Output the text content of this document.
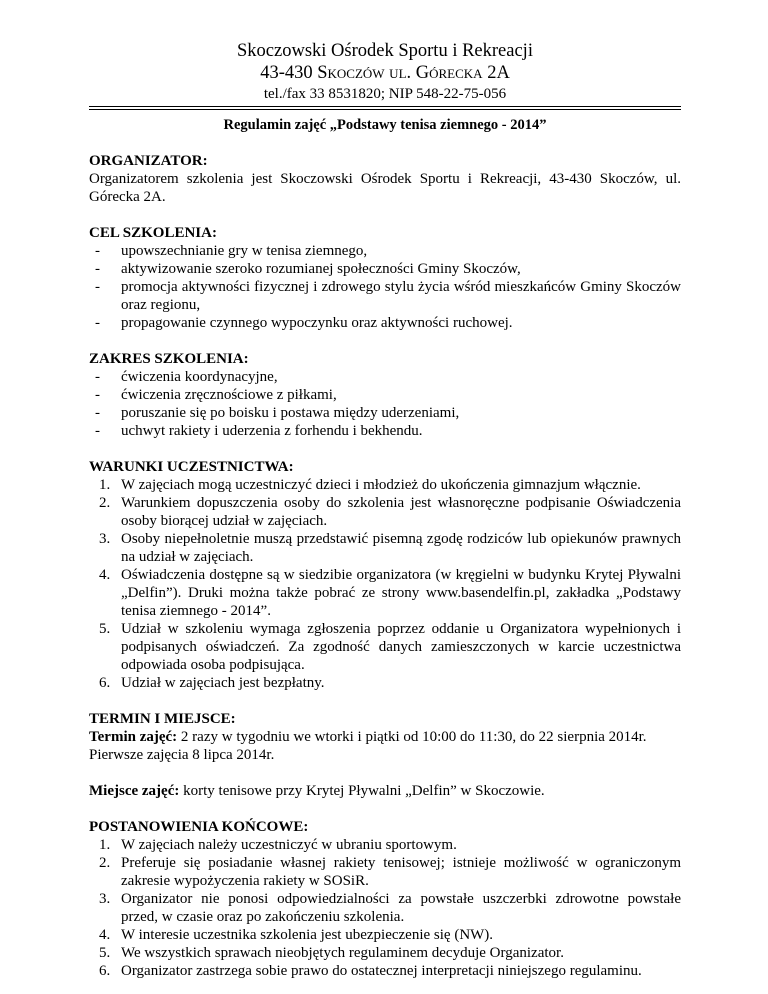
Skoczowski Ośrodek Sportu i Rekreacji
43-430 Skoczów ul. Górecka 2A
tel./fax 33 8531820; NIP 548-22-75-056
Regulamin zajęć „Podstawy tenisa ziemnego - 2014”
ORGANIZATOR:
Organizatorem szkolenia jest Skoczowski Ośrodek Sportu i Rekreacji, 43-430 Skoczów, ul. Górecka 2A.
CEL SZKOLENIA:
- upowszechnianie gry w tenisa ziemnego,
- aktywizowanie szeroko rozumianej społeczności Gminy Skoczów,
- promocja aktywności fizycznej i zdrowego stylu życia wśród mieszkańców Gminy Skoczów oraz regionu,
- propagowanie czynnego wypoczynku oraz aktywności ruchowej.
ZAKRES SZKOLENIA:
- ćwiczenia koordynacyjne,
- ćwiczenia zręcznościowe z piłkami,
- poruszanie się po boisku i postawa między uderzeniami,
- uchwyt rakiety i uderzenia z forhendu i bekhendu.
WARUNKI UCZESTNICTWA:
1. W zajęciach mogą uczestniczyć dzieci i młodzież do ukończenia gimnazjum włącznie.
2. Warunkiem dopuszczenia osoby do szkolenia jest własnoręczne podpisanie Oświadczenia osoby biorącej udział w zajęciach.
3. Osoby niepełnoletnie muszą przedstawić pisemną zgodę rodziców lub opiekunów prawnych na udział w zajęciach.
4. Oświadczenia dostępne są w siedzibie organizatora (w kręgielni w budynku Krytej Pływalni „Delfin”). Druki można także pobrać ze strony www.basendelfin.pl, zakładka „Podstawy tenisa ziemnego - 2014”.
5. Udział w szkoleniu wymaga zgłoszenia poprzez oddanie u Organizatora wypełnionych i podpisanych oświadczeń. Za zgodność danych zamieszczonych w karcie uczestnictwa odpowiada osoba podpisująca.
6. Udział w zajęciach jest bezpłatny.
TERMIN I MIEJSCE:
Termin zajęć: 2 razy w tygodniu we wtorki i piątki od 10:00 do 11:30, do 22 sierpnia 2014r.
Pierwsze zajęcia 8 lipca 2014r.
Miejsce zajęć: korty tenisowe przy Krytej Pływalni „Delfin” w Skoczowie.
POSTANOWIENIA KOŃCOWE:
1. W zajęciach należy uczestniczyć w ubraniu sportowym.
2. Preferuje się posiadanie własnej rakiety tenisowej; istnieje możliwość w ograniczonym zakresie wypożyczenia rakiety w SOSiR.
3. Organizator nie ponosi odpowiedzialności za powstałe uszczerbki zdrowotne powstałe przed, w czasie oraz po zakończeniu szkolenia.
4. W interesie uczestnika szkolenia jest ubezpieczenie się (NW).
5. We wszystkich sprawach nieobjętych regulaminem decyduje Organizator.
6. Organizator zastrzega sobie prawo do ostatecznej interpretacji niniejszego regulaminu.
